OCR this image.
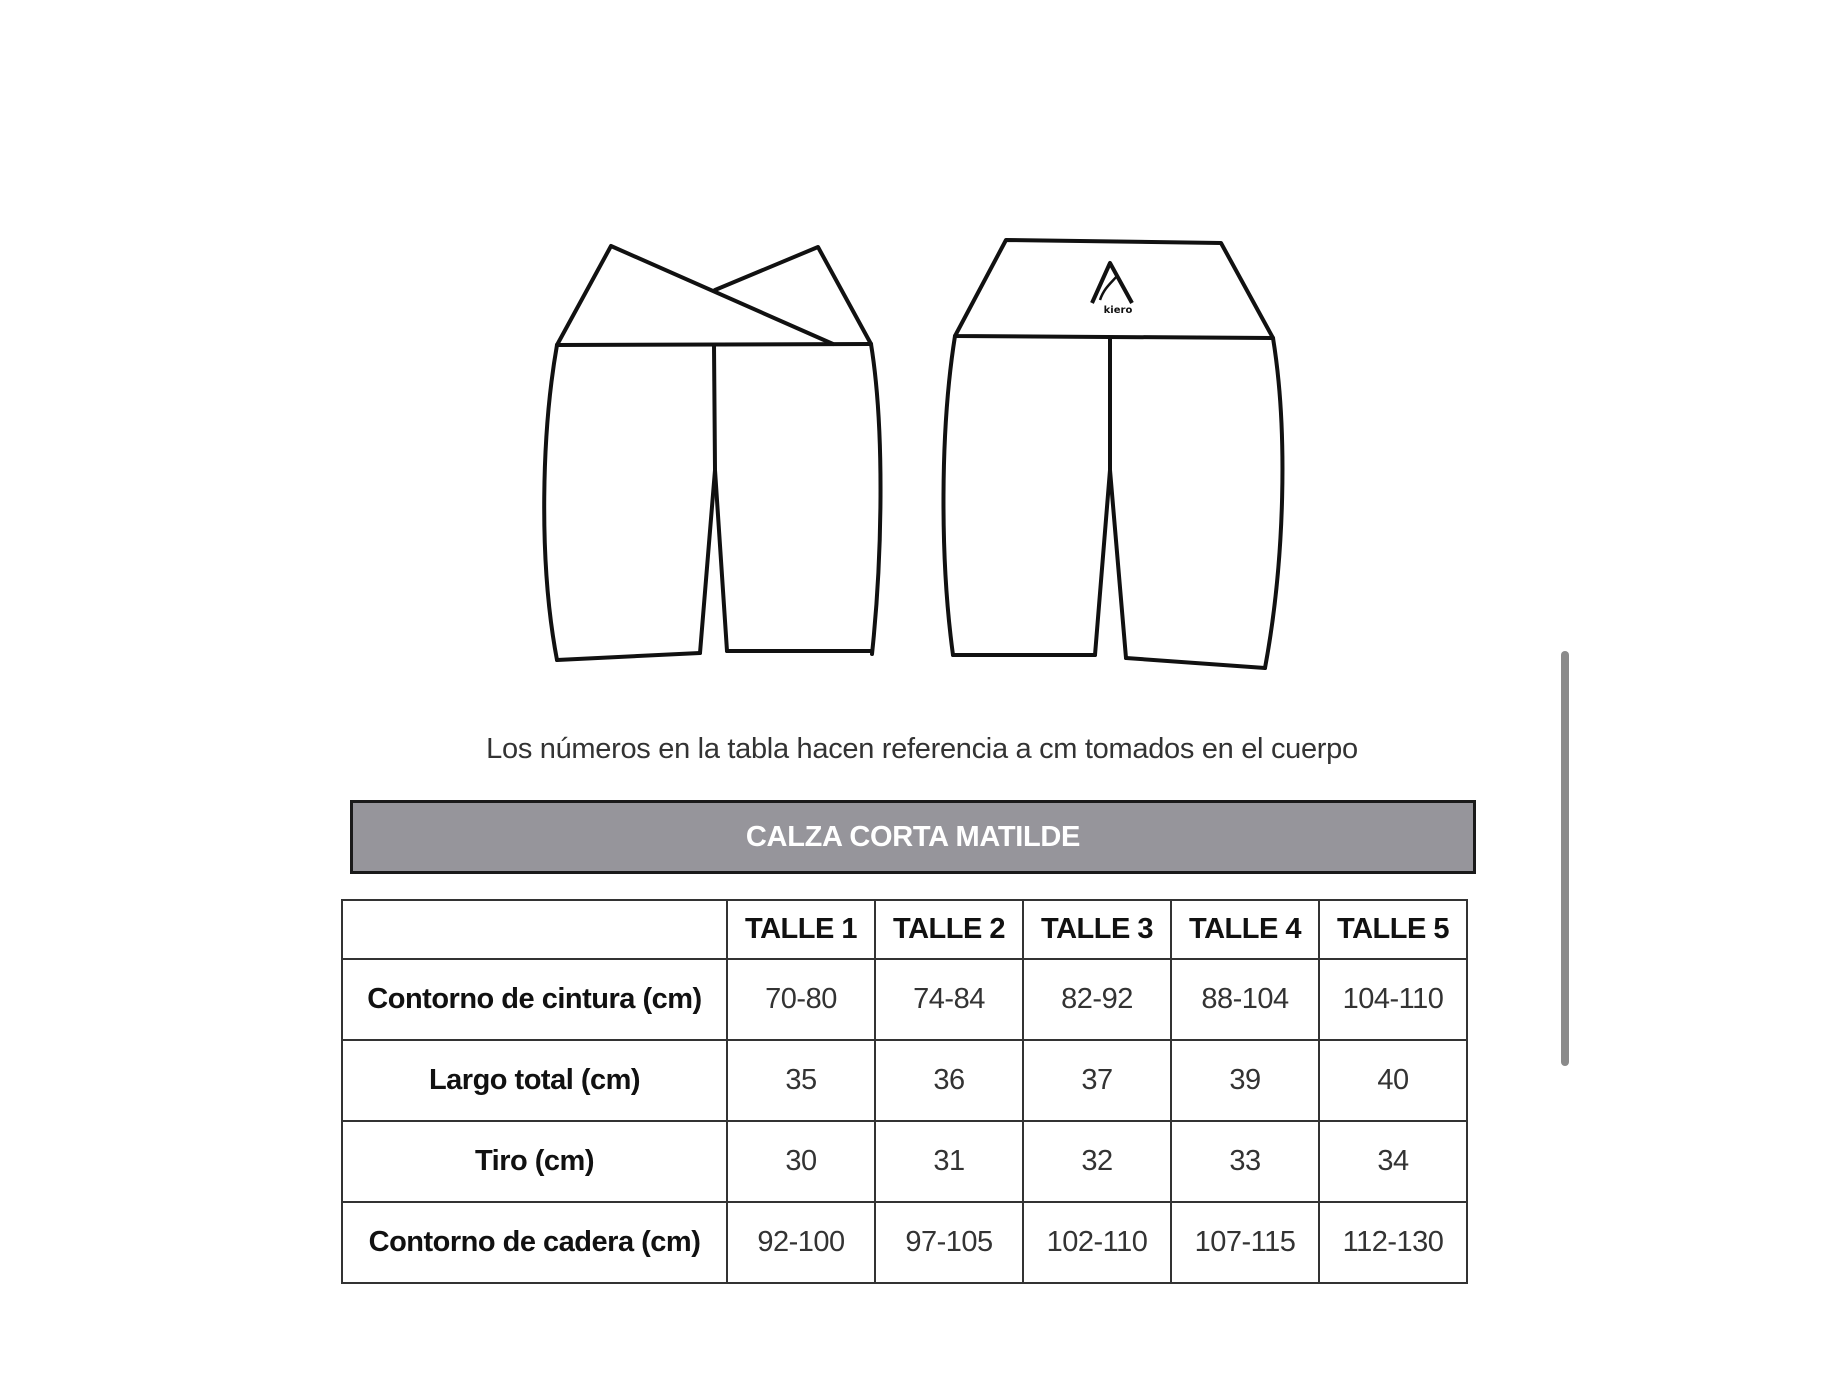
kiero
Los números en la tabla hacen referencia a cm tomados en el cuerpo
CALZA CORTA MATILDE
	TALLE 1	TALLE 2	TALLE 3	TALLE 4	TALLE 5
Contorno de cintura (cm)	70-80	74-84	82-92	88-104	104-110
Largo total (cm)	35	36	37	39	40
Tiro (cm)	30	31	32	33	34
Contorno de cadera (cm)	92-100	97-105	102-110	107-115	112-130
